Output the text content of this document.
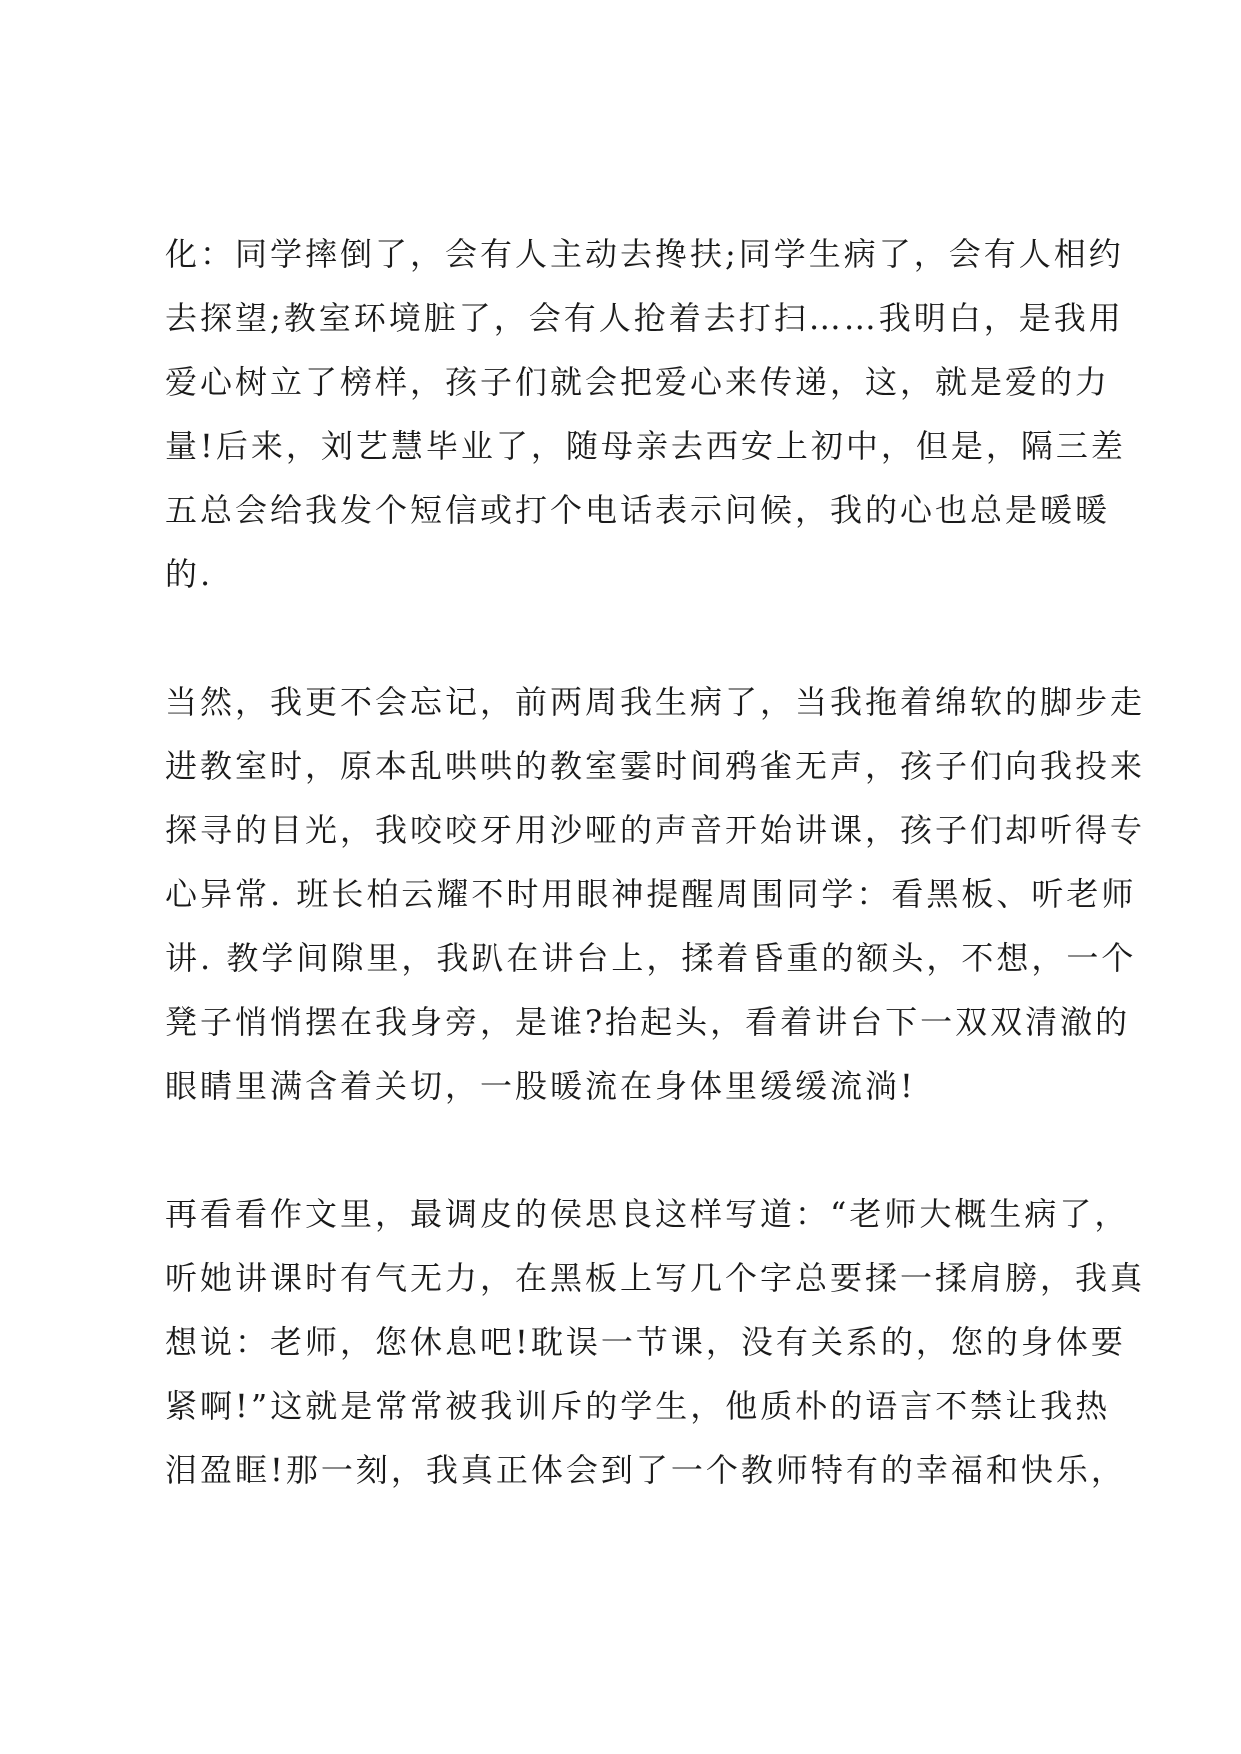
化：同学摔倒了，会有人主动去搀扶;同学生病了，会有人相约
去探望;教室环境脏了，会有人抢着去打扫……我明白，是我用
爱心树立了榜样，孩子们就会把爱心来传递，这，就是爱的力
量!后来，刘艺慧毕业了，随母亲去西安上初中，但是，隔三差
五总会给我发个短信或打个电话表示问候，我的心也总是暖暖
的.
当然，我更不会忘记，前两周我生病了，当我拖着绵软的脚步走
进教室时，原本乱哄哄的教室霎时间鸦雀无声，孩子们向我投来
探寻的目光，我咬咬牙用沙哑的声音开始讲课，孩子们却听得专
心异常. 班长柏云耀不时用眼神提醒周围同学：看黑板、听老师
讲. 教学间隙里，我趴在讲台上，揉着昏重的额头，不想，一个
凳子悄悄摆在我身旁，是谁?抬起头，看着讲台下一双双清澈的
眼睛里满含着关切，一股暖流在身体里缓缓流淌!
再看看作文里，最调皮的侯思良这样写道：“老师大概生病了，
听她讲课时有气无力，在黑板上写几个字总要揉一揉肩膀，我真
想说：老师，您休息吧!耽误一节课，没有关系的，您的身体要
紧啊!”这就是常常被我训斥的学生，他质朴的语言不禁让我热
泪盈眶!那一刻，我真正体会到了一个教师特有的幸福和快乐，
